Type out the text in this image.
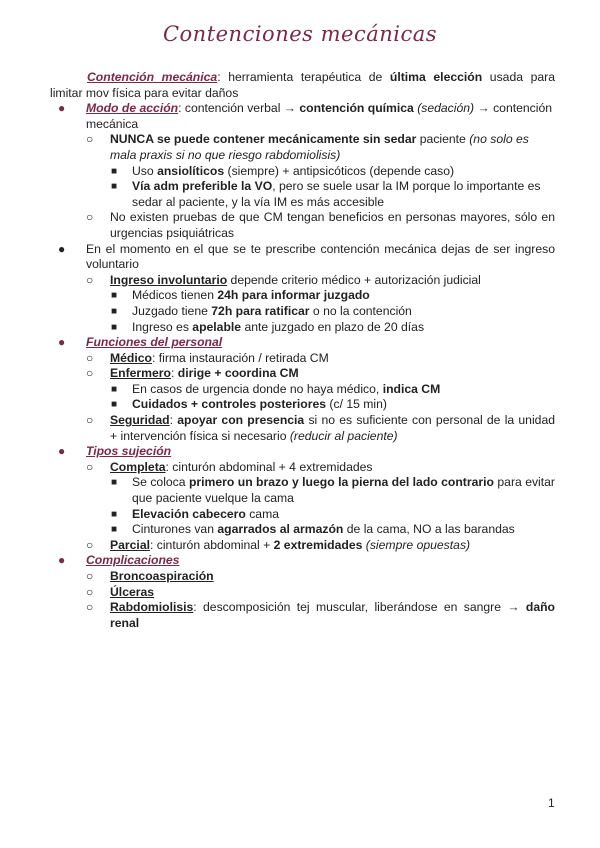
Contenciones mecánicas

Contención mecánica: herramienta terapéutica de última elección usada para limitar mov física para evitar daños

● Modo de acción: contención verbal → contención química (sedación) → contención mecánica
○ NUNCA se puede contener mecánicamente sin sedar paciente (no solo es mala praxis si no que riesgo rabdomiolisis)
■ Uso ansiolíticos (siempre) + antipsicóticos (depende caso)
■ Vía adm preferible la VO, pero se suele usar la IM porque lo importante es sedar al paciente, y la vía IM es más accesible
○ No existen pruebas de que CM tengan beneficios en personas mayores, sólo en urgencias psiquiátricas
● En el momento en el que se te prescribe contención mecánica dejas de ser ingreso voluntario
○ Ingreso involuntario depende criterio médico + autorización judicial
■ Médicos tienen 24h para informar juzgado
■ Juzgado tiene 72h para ratificar o no la contención
■ Ingreso es apelable ante juzgado en plazo de 20 días
● Funciones del personal
○ Médico: firma instauración / retirada CM
○ Enfermero: dirige + coordina CM
■ En casos de urgencia donde no haya médico, indica CM
■ Cuidados + controles posteriores (c/ 15 min)
○ Seguridad: apoyar con presencia si no es suficiente con personal de la unidad + intervención física si necesario (reducir al paciente)
● Tipos sujeción
○ Completa: cinturón abdominal + 4 extremidades
■ Se coloca primero un brazo y luego la pierna del lado contrario para evitar que paciente vuelque la cama
■ Elevación cabecero cama
■ Cinturones van agarrados al armazón de la cama, NO a las barandas
○ Parcial: cinturón abdominal + 2 extremidades (siempre opuestas)
● Complicaciones
○ Broncoaspiración
○ Úlceras
○ Rabdomiolisis: descomposición tej muscular, liberándose en sangre → daño renal
1
